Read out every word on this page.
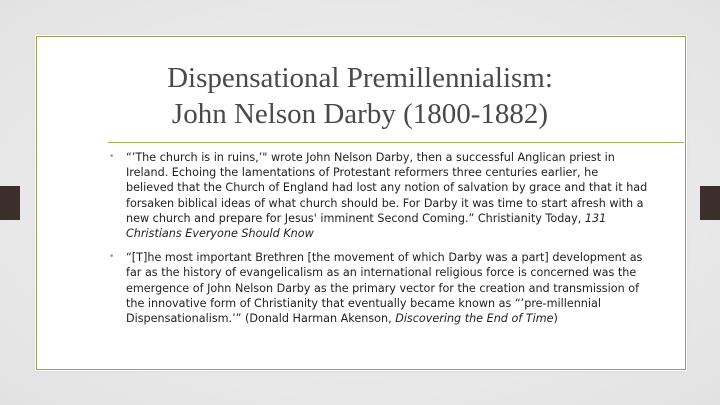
Dispensational Premillennialism:
John Nelson Darby (1800-1882)
• “’The church is in ruins,’" wrote John Nelson Darby, then a successful Anglican priest in Ireland. Echoing the lamentations of Protestant reformers three centuries earlier, he believed that the Church of England had lost any notion of salvation by grace and that it had forsaken biblical ideas of what church should be. For Darby it was time to start afresh with a new church and prepare for Jesus' imminent Second Coming.” Christianity Today, 131 Christians Everyone Should Know
• “[T]he most important Brethren [the movement of which Darby was a part] development as far as the history of evangelicalism as an international religious force is concerned was the emergence of John Nelson Darby as the primary vector for the creation and transmission of the innovative form of Christianity that eventually became known as “’pre-millennial Dispensationalism.’” (Donald Harman Akenson, Discovering the End of Time)
